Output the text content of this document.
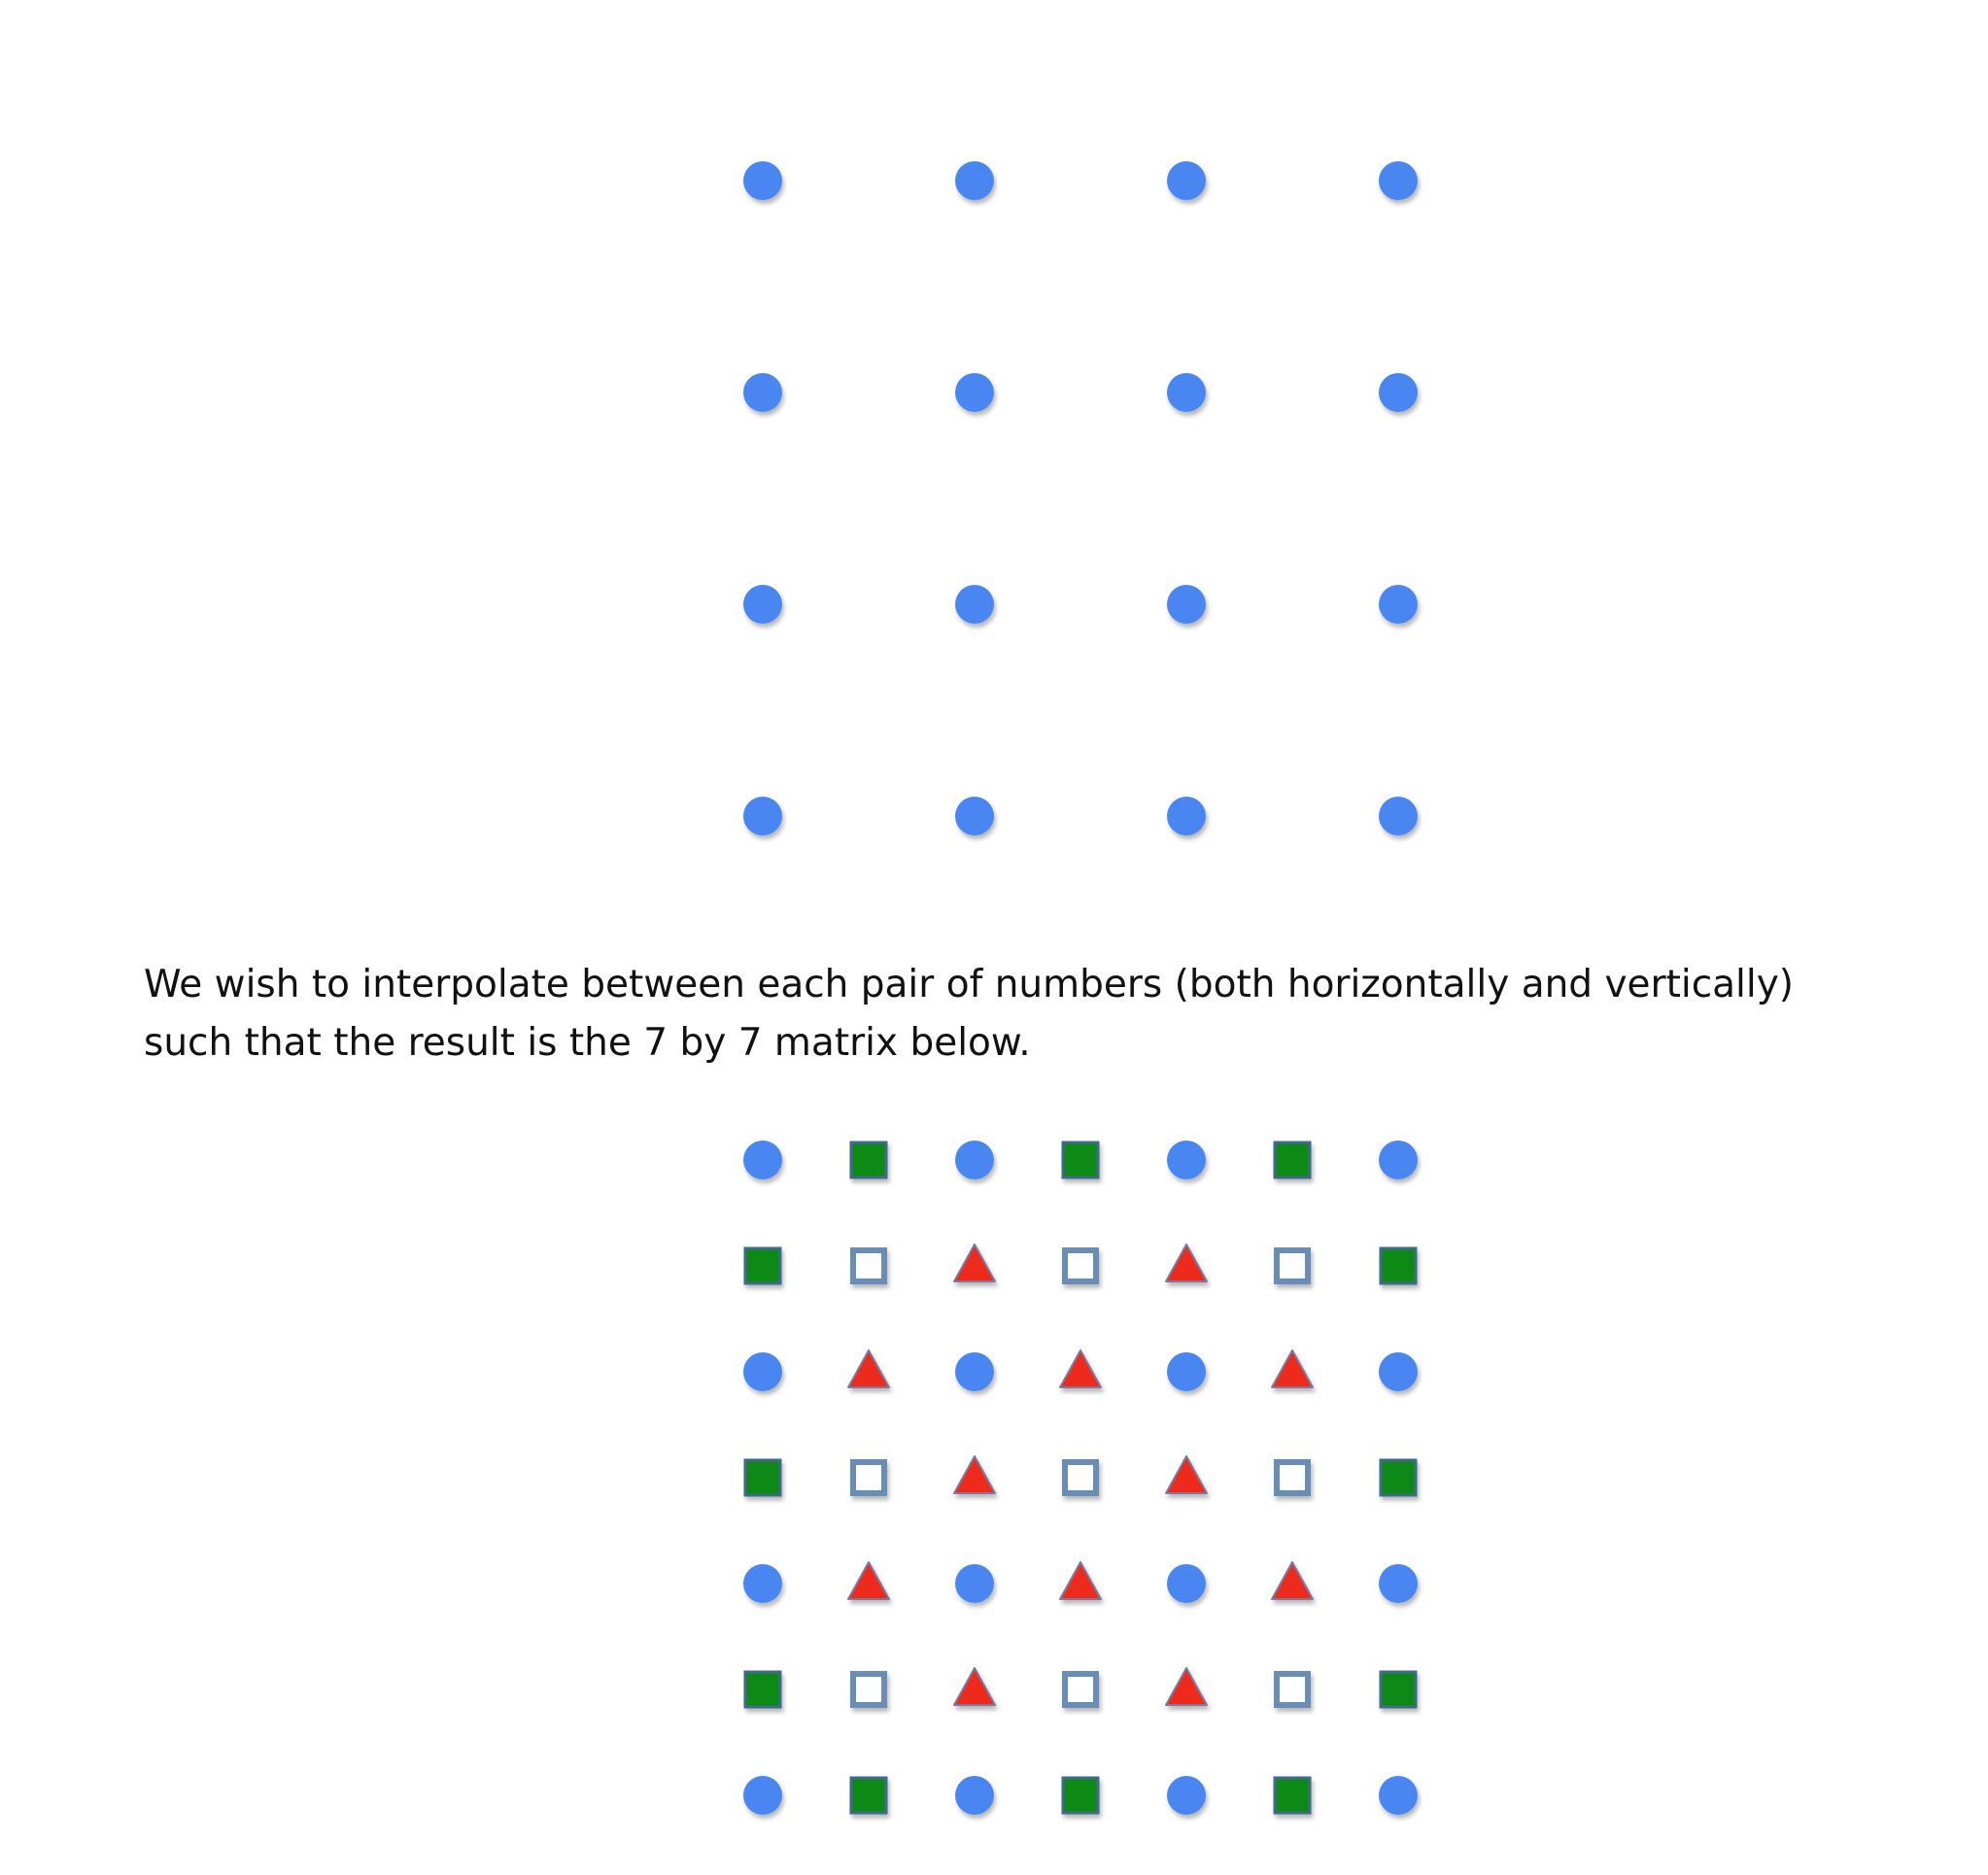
We wish to interpolate between each pair of numbers (both horizontally and vertically)
such that the result is the 7 by 7 matrix below.
